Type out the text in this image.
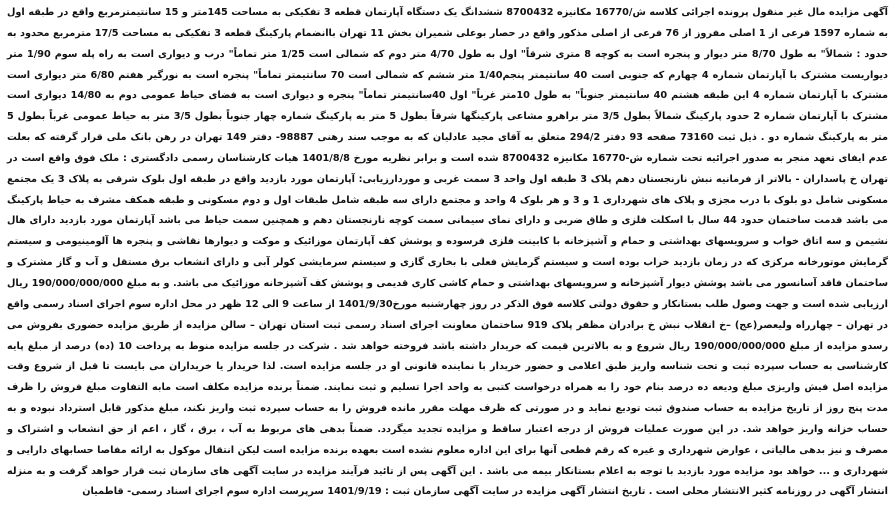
آگهی مزایده مال غیر منقول پرونده اجرائی کلاسه ش/16770 مکانیزه 8700432 ششدانگ یک دستگاه آپارتمان قطعه 3 تفکیکی به مساحت 145متر و 15 سانتیمترمربع واقع در طبقه اول به شماره 1597 فرعی از 1 اصلی مفروز از 76 فرعی از اصلی مذکور واقع در حصار بوعلی شمیران بخش 11 تهران باانضمام پارکینگ قطعه 3 تفکیکی به مساحت 17/5 مترمربع محدود به حدود : شمالاً" به طول 8/70 متر دیوار و پنجره است به کوچه 8 متری شرقاً" اول به طول 4/70 متر دوم که شمالی است 1/25 متر تماماً" درب و دیواری است به راه پله سوم 1/90 متر دیواریست مشترک با آپارتمان شماره 4 چهارم که جنوبی است 40 سانتیمتر پنجم1/40 متر ششم که شمالی است 70 سانتیمتر تماماً" پنجره است به نورگیر هفتم 6/80 متر دیواری است مشترک با آپارتمان شماره 4 این طبقه هشتم 40 سانتیمتر جنوباً" به طول 10متر غرباً" اول 40سانتیمتر تماماً" پنجره و دیواری است به فضای حیاط عمومی دوم به 14/80 دیواری است مشترک با آپارتمان شماره 2 حدود پارکینگ شمالاً بطول 3/5 متر براهرو مشاعی پارکینگها شرقاً بطول 5 متر به پارکینگ شماره چهار جنوباً بطول 3/5 متر به حیاط عمومی غرباً بطول 5 متر به پارکینگ شماره دو . ذیل ثبت 73160 صفحه 93 دفتر 294/2 متعلق به آقای مجید عادلیان که به موجب سند رهنی 98887- دفتر 149 تهران در رهن بانک ملی قرار گرفته که بعلت عدم ایفای تعهد منجر به صدور اجرائیه تحت شماره ش-16770 مکانیزه 8700432 شده است و برابر نظریه مورخ 1401/8/8 هیات کارشناسان رسمی دادگستری : ملک فوق واقع است در تهران خ پاسداران - بالاتر از فرمانیه نبش نارنجستان دهم پلاک 3 طبقه اول واحد 3 سمت غربی و موردارزیابی: آپارتمان مورد بازدید واقع در طبقه اول بلوک شرقی به پلاک 3 یک مجتمع مسکونی شامل دو بلوک با درب مجزی و پلاک های شهرداری 1 و 3 و هر بلوک 4 واحد و مجتمع دارای سه طبقه شامل طبقات اول و دوم مسکونی و طبقه همکف مشرف به حیاط پارکینگ می باشد قدمت ساختمان حدود 44 سال با اسکلت فلزی و طاق ضربی و دارای نمای سیمانی سمت کوچه نارنجستان دهم و همچنین سمت حیاط می باشد آپارتمان مورد بازدید دارای هال نشیمن و سه اتاق خواب و سرویسهای بهداشتی و حمام و آشپزخانه با کابینت فلزی فرسوده و پوشش کف آپارتمان موزائیک و موکت و دیوارها نقاشی و پنجره ها آلومینیومی و سیستم گرمایش موتورخانه مرکزی که در زمان بازدید خراب بوده است و سیستم گرمایش فعلی با بخاری گازی و سیستم سرمایشی کولر آبی و دارای انشعاب برق مستقل و آب و گاز مشترک و ساختمان فاقد آسانسور می باشد پوشش دیوار آشپزخانه و سرویسهای بهداشتی و حمام کاشی کاری قدیمی و پوشش کف آشپزخانه موزائیک می باشد. و به مبلغ 190/000/000/000 ریال ارزیابی شده است و جهت وصول طلب بستانکار و حقوق دولتی کلاسه فوق الذکر در روز چهارشنبه مورخ1401/9/30 از ساعت 9 الی 12 ظهر در محل اداره سوم اجرای اسناد رسمی واقع در تهران – چهارراه ولیعصر(عج) –خ انقلاب نبش خ برادران مظفر پلاک 919 ساختمان معاونت اجرای اسناد رسمی ثبت استان تهران – سالن مزایده از طریق مزایده حضوری بفروش می رسدو مزایده از مبلغ 190/000/000/000 ریال شروع و به بالاترین قیمت که خریدار داشته باشد فروخته خواهد شد . شرکت در جلسه مزایده منوط به پرداخت 10 (ده) درصد از مبلغ پایه کارشناسی به حساب سپرده ثبت و تحت شناسه واریز طبق اعلامی و حضور خریدار با نماینده قانونی او در جلسه مزایده است. لذا خریدار یا خریداران می بایست تا قبل از شروع وقت مزایده اصل فیش واریزی مبلغ ودیعه ده درصد بنام خود را به همراه درخواست کتبی به واحد اجرا تسلیم و ثبت نمایند. ضمناً برنده مزایده مکلف است مابه التفاوت مبلغ فروش را ظرف مدت پنج روز از تاریخ مزایده به حساب صندوق ثبت تودیع نماید و در صورتی که ظرف مهلت مقرر مانده فروش را به حساب سپرده ثبت واریز نکند، مبلغ مذکور قابل استرداد نبوده و به حساب خزانه واریز خواهد شد. در این صورت عملیات فروش از درجه اعتبار ساقط و مزایده تجدید میگردد. ضمناً بدهی های مربوط به آب ، برق ، گاز ، اعم از حق انشعاب و اشتراک و مصرف و نیز بدهی مالیاتی ، عوارض شهرداری و غیره که رقم قطعی آنها برای این اداره معلوم نشده است بعهده برنده مزایده است لیکن انتقال موکول به ارائه مفاصا حسابهای دارایی و شهرداری و ... خواهد بود مزایده مورد بازدید با توجه به اعلام بستانکار بیمه می باشد . این آگهی پس از تائید فرآیند مزایده در سایت آگهی های سازمان ثبت قرار خواهد گرفت و به منزله انتشار آگهی در روزنامه کثیر الانتشار محلی است . تاریخ انتشار آگهی مزایده در سایت آگهی سازمان ثبت : 1401/9/19 سرپرست اداره سوم اجرای اسناد رسمی- قاطمیان
